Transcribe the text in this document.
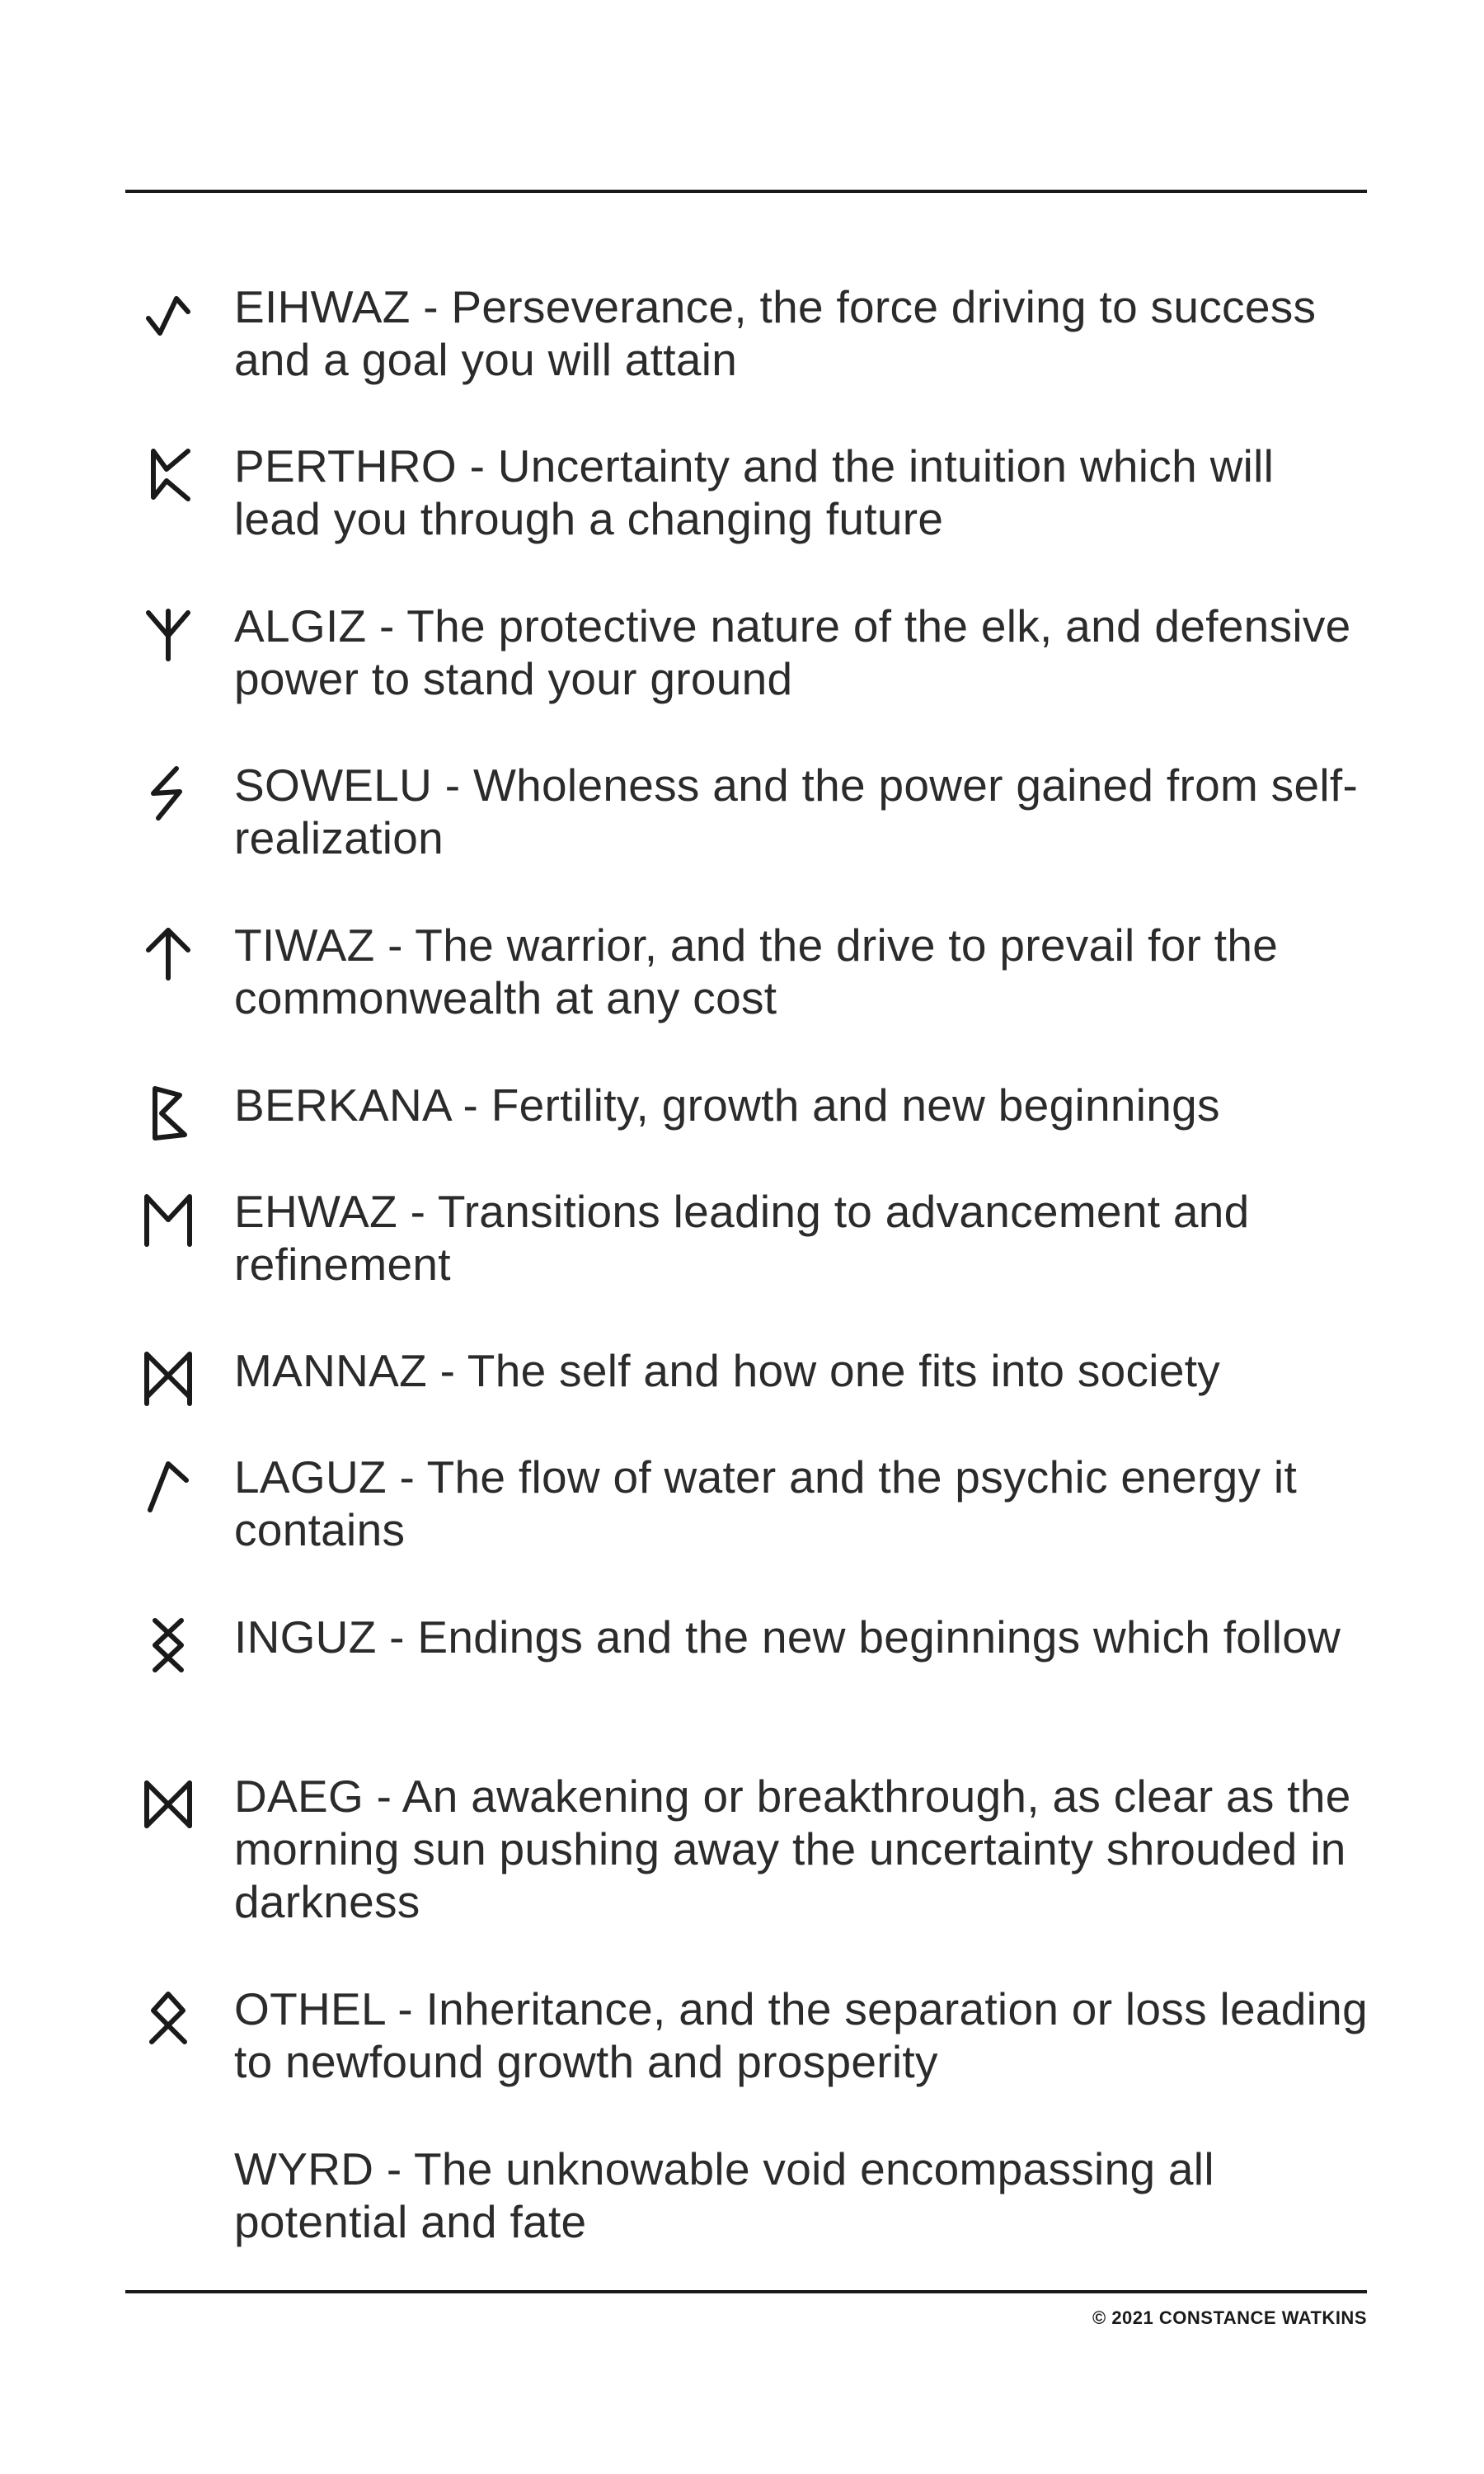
EIHWAZ - Perseverance, the force driving to success and a goal you will attain

PERTHRO - Uncertainty and the intuition which will lead you through a changing future

ALGIZ - The protective nature of the elk, and defensive power to stand your ground

SOWELU - Wholeness and the power gained from self-realization

TIWAZ - The warrior, and the drive to prevail for the commonwealth at any cost

BERKANA - Fertility, growth and new beginnings

EHWAZ - Transitions leading to advancement and refinement

MANNAZ - The self and how one fits into society

LAGUZ - The flow of water and the psychic energy it contains

INGUZ - Endings and the new beginnings which follow

DAEG - An awakening or breakthrough, as clear as the morning sun pushing away the uncertainty shrouded in darkness

OTHEL - Inheritance, and the separation or loss leading to newfound growth and prosperity

WYRD - The unknowable void encompassing all potential and fate

© 2021 CONSTANCE WATKINS
